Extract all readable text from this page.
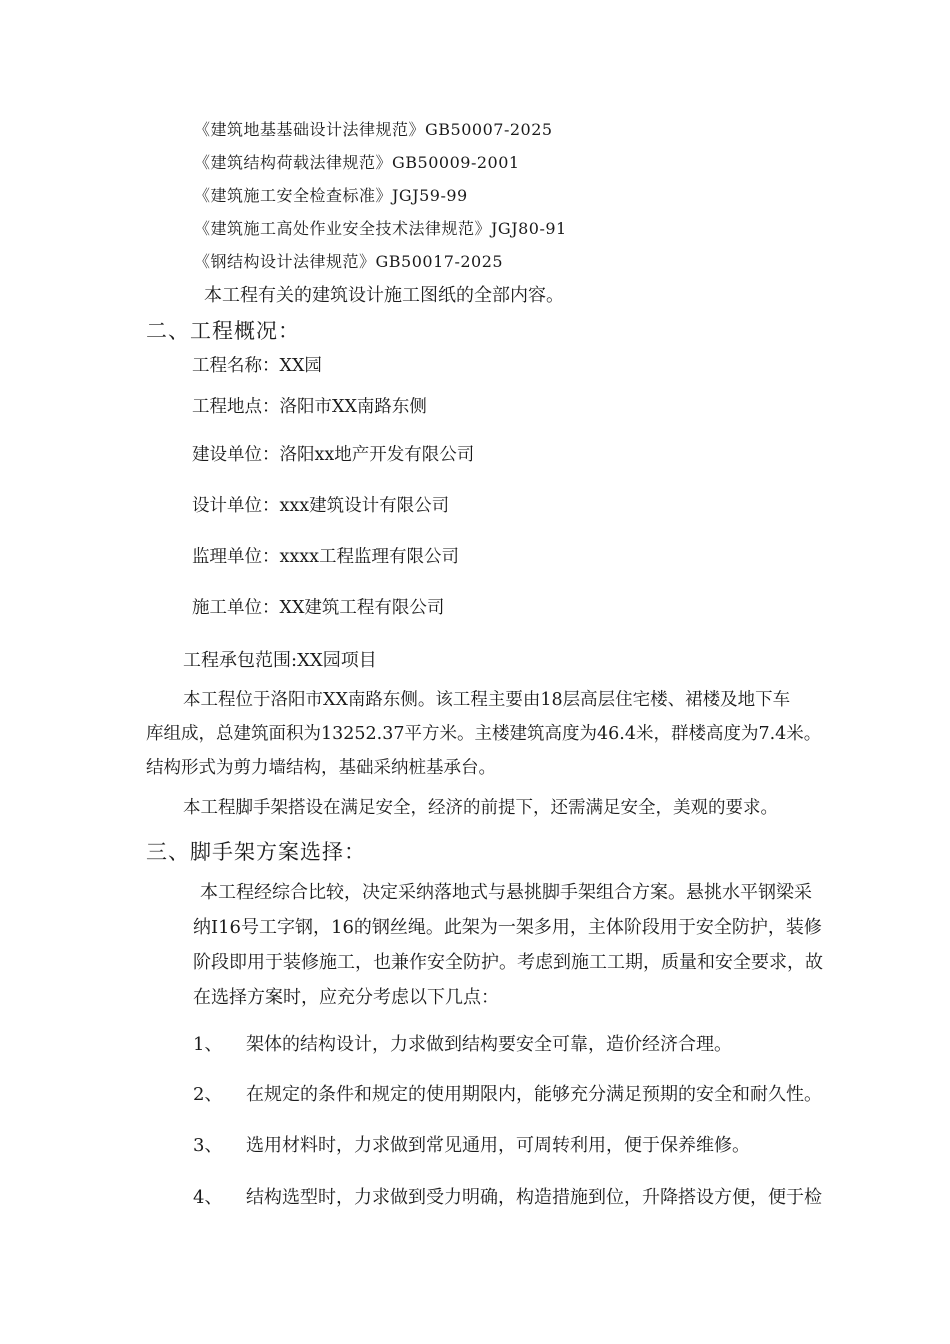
《建筑地基基础设计法律规范》GB50007-2025

《建筑结构荷载法律规范》GB50009-2001

《建筑施工安全检查标准》JGJ59-99

《建筑施工高处作业安全技术法律规范》JGJ80-91

《钢结构设计法律规范》GB50017-2025

本工程有关的建筑设计施工图纸的全部内容。

二、工程概况：

工程名称：XX园

工程地点：洛阳市XX南路东侧

建设单位：洛阳xx地产开发有限公司

设计单位：xxx建筑设计有限公司

监理单位：xxxx工程监理有限公司

施工单位：XX建筑工程有限公司

工程承包范围:XX园项目

本工程位于洛阳市XX南路东侧。该工程主要由18层高层住宅楼、裙楼及地下车

库组成，总建筑面积为13252.37平方米。主楼建筑高度为46.4米，群楼高度为7.4米。

结构形式为剪力墙结构，基础采纳桩基承台。

本工程脚手架搭设在满足安全，经济的前提下，还需满足安全，美观的要求。

三、脚手架方案选择：

本工程经综合比较，决定采纳落地式与悬挑脚手架组合方案。悬挑水平钢梁采

纳I16号工字钢，16的钢丝绳。此架为一架多用，主体阶段用于安全防护，装修

阶段即用于装修施工，也兼作安全防护。考虑到施工工期，质量和安全要求，故

在选择方案时，应充分考虑以下几点：

1、 架体的结构设计，力求做到结构要安全可靠，造价经济合理。
2、 在规定的条件和规定的使用期限内，能够充分满足预期的安全和耐久性。
3、 选用材料时，力求做到常见通用，可周转利用，便于保养维修。
4、 结构选型时，力求做到受力明确，构造措施到位，升降搭设方便，便于检
